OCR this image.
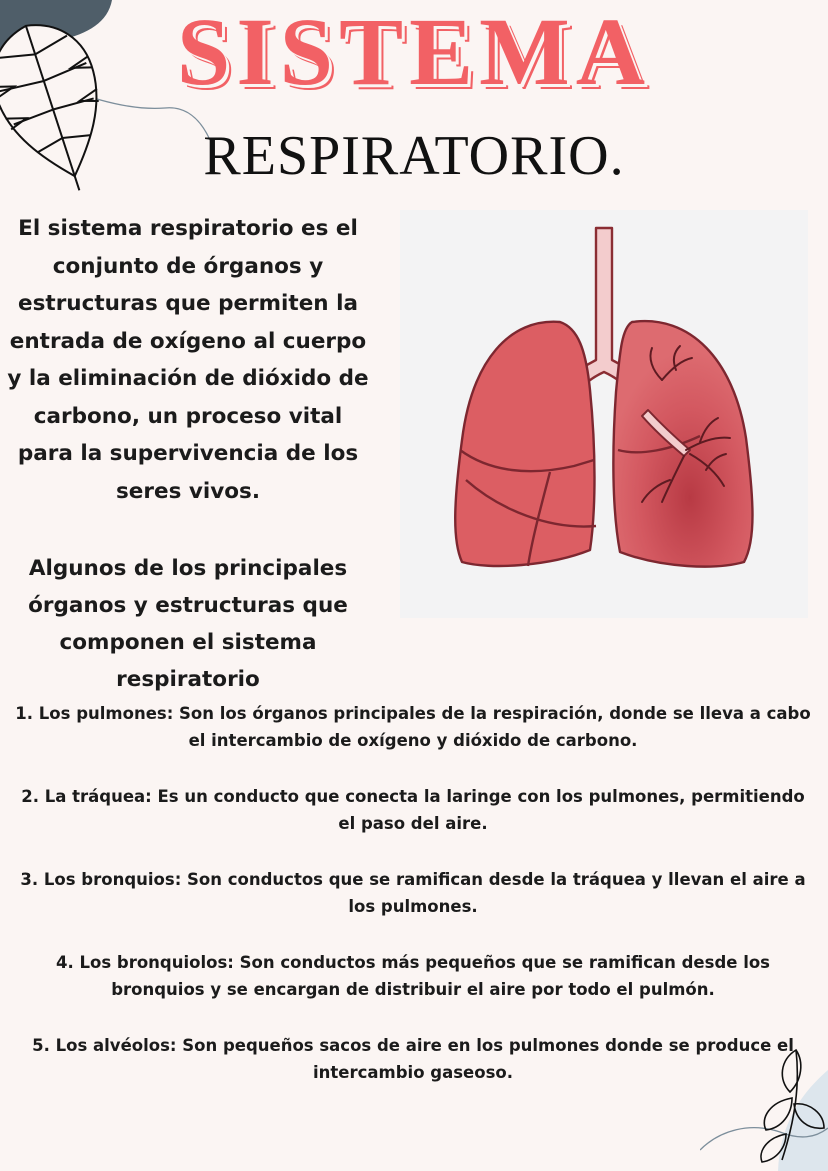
SISTEMA
RESPIRATORIO.

El sistema respiratorio es el conjunto de órganos y estructuras que permiten la entrada de oxígeno al cuerpo y la eliminación de dióxido de carbono, un proceso vital para la supervivencia de los seres vivos.

Algunos de los principales órganos y estructuras que componen el sistema respiratorio

1. Los pulmones: Son los órganos principales de la respiración, donde se lleva a cabo el intercambio de oxígeno y dióxido de carbono.
2. La tráquea: Es un conducto que conecta la laringe con los pulmones, permitiendo el paso del aire.
3. Los bronquios: Son conductos que se ramifican desde la tráquea y llevan el aire a los pulmones.
4. Los bronquiolos: Son conductos más pequeños que se ramifican desde los bronquios y se encargan de distribuir el aire por todo el pulmón.
5. Los alvéolos: Son pequeños sacos de aire en los pulmones donde se produce el intercambio gaseoso.
